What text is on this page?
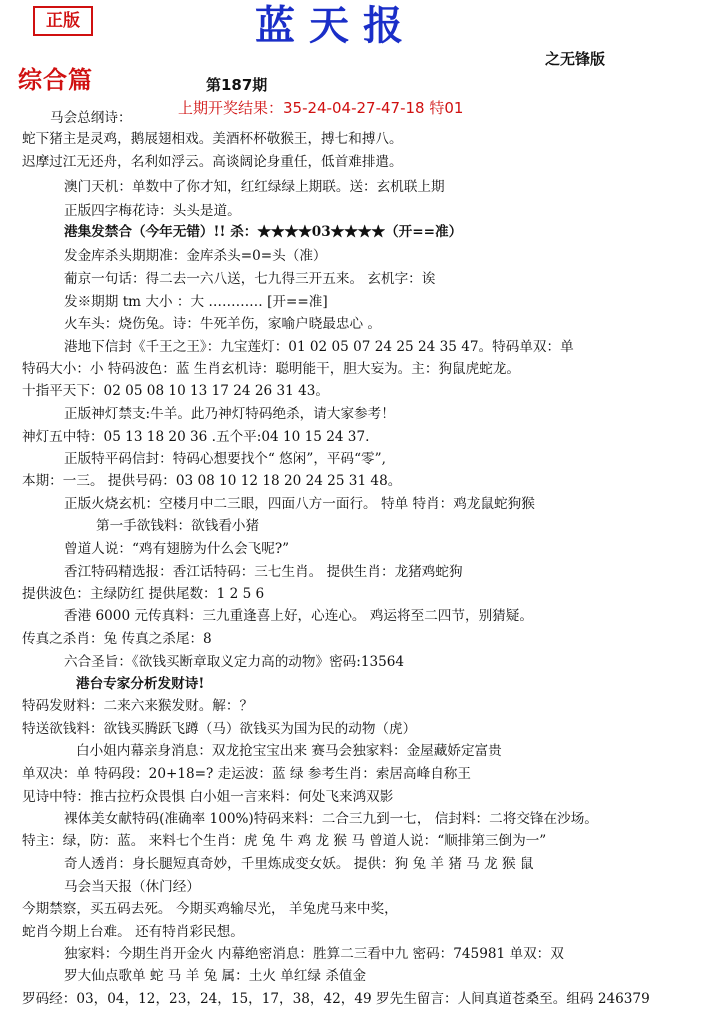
正版	蓝天报
之无锋版
综合篇	第187期
上期开奖结果：35-24-04-27-47-18 特01
马会总纲诗：
蛇下猪主是灵鸡，鹅展翅相戏。美酒杯杯敬猴王，搏七和搏八。
迟摩过江无还舟，名利如浮云。高谈阔论身重任，低首难排遣。
澳门天机：单数中了你才知，红红绿绿上期联。送：玄机联上期
正版四字梅花诗：头头是道。
港集发禁合（今年无错）!! 杀：★★★★03★★★★（开==准）
发金库杀头期期准：金库杀头=0=头（准）
葡京一句话：得二去一六八送，七九得三开五来。 玄机字：诶
发※期期 tm 大小 ：大 ………… [开==准]
火车头：烧伤兔。诗：牛死羊伤，家喻户晓最忠心 。
港地下信封《千王之王》：九宝莲灯：01 02 05 07 24 25 24 35 47。特码单双：单
特码大小：小 特码波色：蓝 生肖玄机诗：聪明能干，胆大妄为。主：狗鼠虎蛇龙。
十指平天下：02 05 08 10 13 17 24 26 31 43。
正版神灯禁支:牛羊。此乃神灯特码绝杀，请大家参考！
神灯五中特：05 13 18 20 36 .五个平:04 10 15 24 37.
正版特平码信封：特码心想要找个“ 悠闲”，平码“零”,
本期：一三。 提供号码：03 08 10 12 18 20 24 25 31 48。
正版火烧玄机：空楼月中二三眼，四面八方一面行。 特单 特肖：鸡龙鼠蛇狗猴
第一手欲钱料：欲钱看小猪
曾道人说：“鸡有翅膀为什么会飞呢?”
香江特码精选报：香江话特码：三七生肖。 提供生肖：龙猪鸡蛇狗
提供波色：主绿防红 提供尾数：1 2 5 6
香港 6000 元传真料：三九重逢喜上好，心连心。 鸡运将至二四节，别猜疑。
传真之杀肖：兔 传真之杀尾：8
六合圣旨：《欲钱买断章取义定力高的动物》密码:13564
港台专家分析发财诗!
特码发财料：二来六来猴发财。解：？
特送欲钱料：欲钱买腾跃飞蹲（马）欲钱买为国为民的动物（虎）
白小姐内幕亲身消息：双龙抢宝宝出来 赛马会独家料：金屋藏娇定富贵
单双决：单 特码段：20+18=? 走运波：蓝 绿 参考生肖：索居高峰自称王
见诗中特：推古拉朽众畏惧 白小姐一言来料：何处飞来鸿双影
裸体美女献特码(准确率 100%)特码来料：二合三九到一七， 信封料：二将交锋在沙场。
特主：绿，防：蓝。 来料七个生肖：虎 兔 牛 鸡 龙 猴 马 曾道人说：“顺排第三倒为一”
奇人透肖：身长腿短真奇妙，千里炼成变女妖。 提供：狗 兔 羊 猪 马 龙 猴 鼠
马会当天报（休门经）
今期禁察，买五码去死。 今期买鸡输尽光， 羊兔虎马来中奖，
蛇肖今期上台难。 还有特肖彩民想。
独家料：今期生肖开金火 内幕绝密消息：胜算二三看中九 密码：745981 单双：双
罗大仙点歌单 蛇 马 羊 兔 属：土火 单红绿 杀值金
罗码经：03，04，12，23，24，15，17，38，42，49 罗先生留言：人间真道苍桑至。组码 246379
